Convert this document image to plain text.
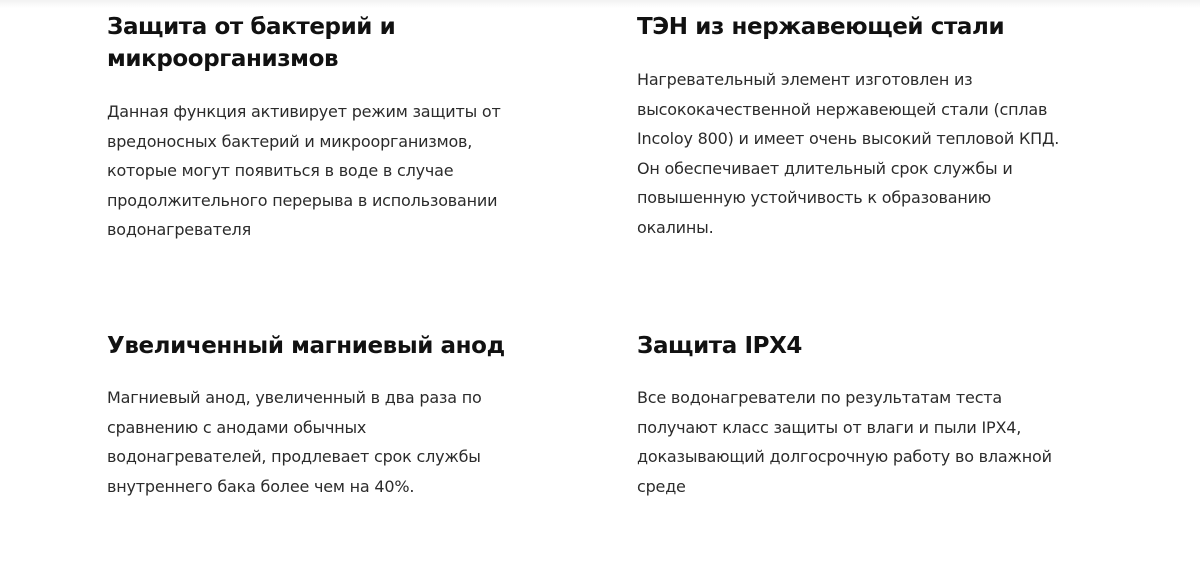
Защита от бактерий и микроорганизмов

Данная функция активирует режим защиты от вредоносных бактерий и микроорганизмов, которые могут появиться в воде в случае продолжительного перерыва в использовании водонагревателя

ТЭН из нержавеющей стали

Нагревательный элемент изготовлен из высококачественной нержавеющей стали (сплав Incoloy 800) и имеет очень высокий тепловой КПД. Он обеспечивает длительный срок службы и повышенную устойчивость к образованию окалины.

Увеличенный магниевый анод

Магниевый анод, увеличенный в два раза по сравнению с анодами обычных водонагревателей, продлевает срок службы внутреннего бака более чем на 40%.

Защита IPX4

Все водонагреватели по результатам теста получают класс защиты от влаги и пыли IPX4, доказывающий долгосрочную работу во влажной среде
